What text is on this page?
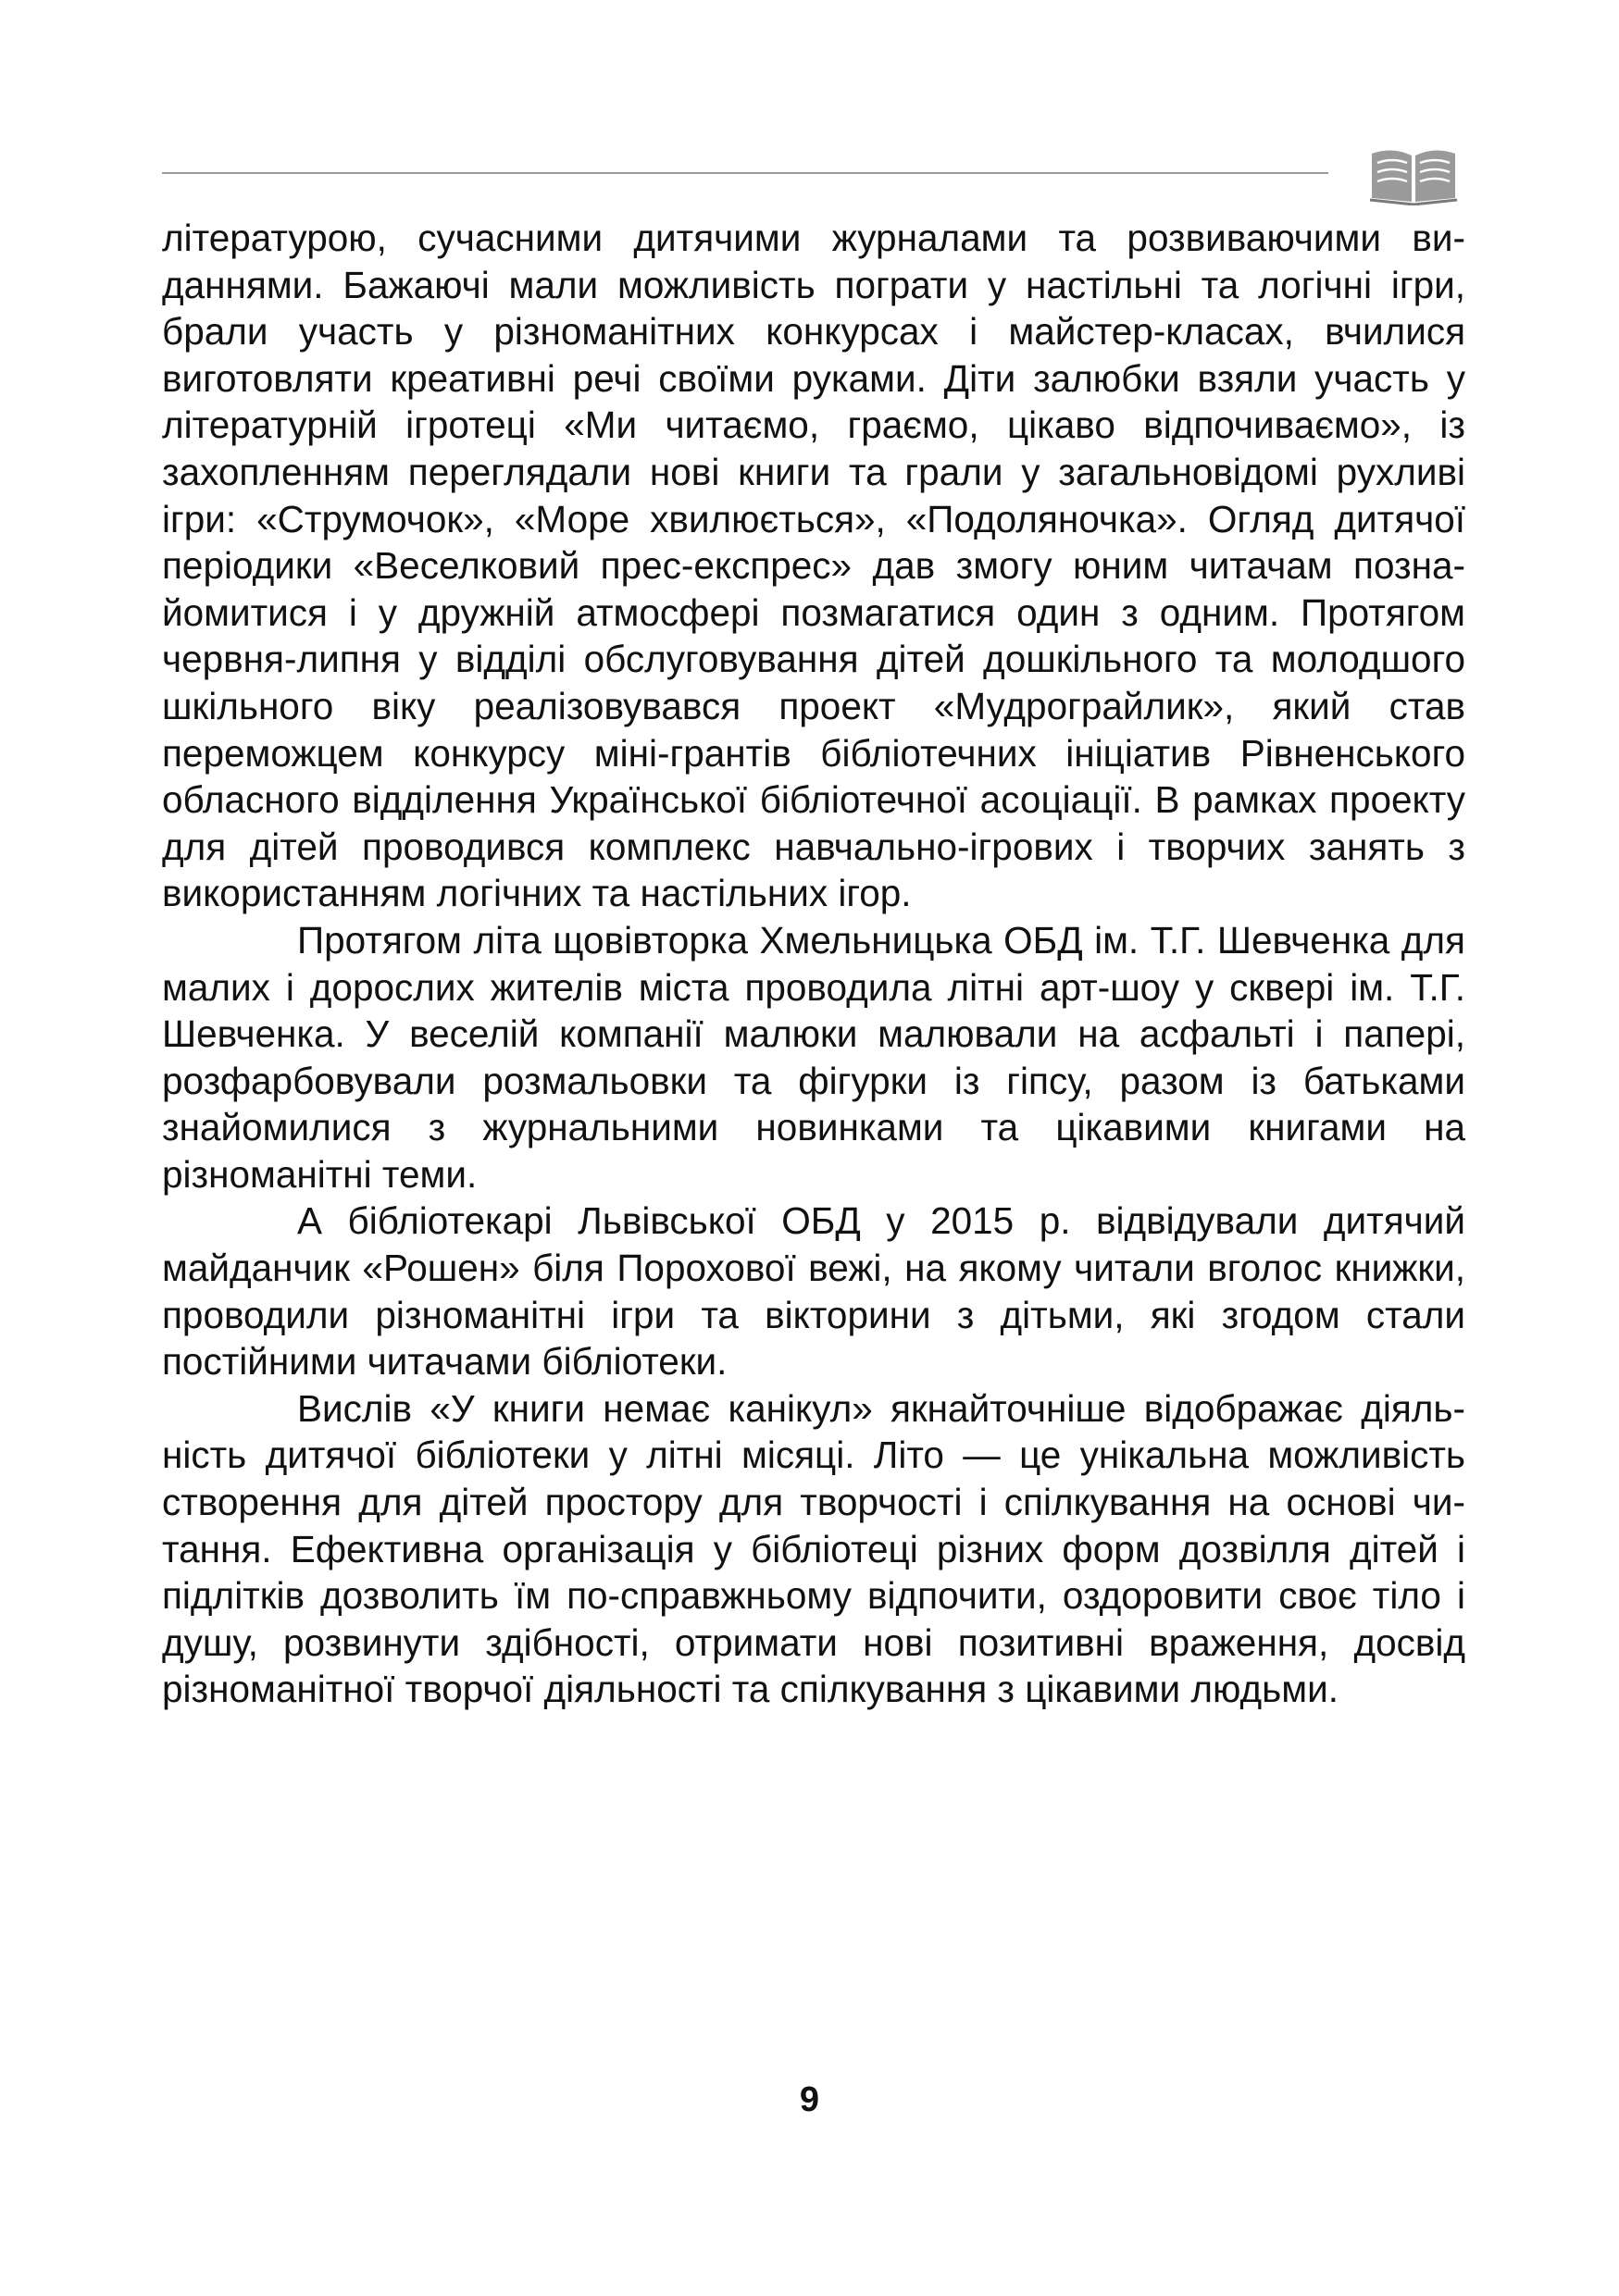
літературою, сучасними дитячими журналами та розвиваючими виданнями. Бажаючі мали можливість пограти у настільні та логічні ігри, брали участь у різноманітних конкурсах і майстер-класах, вчилися виготовляти креативні речі своїми руками. Діти залюбки взяли участь у літературній ігротеці «Ми читаємо, граємо, цікаво відпочиваємо», із захопленням переглядали нові книги та грали у загальновідомі рухливі ігри: «Струмочок», «Море хвилюється», «Подоляночка». Огляд дитячої періодики «Веселковий прес-експрес» дав змогу юним читачам познайомитися і у дружній атмосфері позмагатися один з одним. Протягом червня-липня у відділі обслуговування дітей дошкільного та молодшого шкільного віку реалізовувався проект «Мудрограйлик», який став переможцем конкурсу міні-грантів бібліотечних ініціатив Рівненського обласного відділення Української бібліотечної асоціації. В рамках проекту для дітей проводився комплекс навчально-ігрових і творчих занять з використанням логічних та настільних ігор.

Протягом літа щовівторка Хмельницька ОБД ім. Т.Г. Шевченка для малих і дорослих жителів міста проводила літні арт-шоу у сквері ім. Т.Г. Шевченка. У веселій компанії малюки малювали на асфальті і папері, розфарбовували розмальовки та фігурки із гіпсу, разом із батьками знайомилися з журнальними новинками та цікавими книгами на різноманітні теми.

А бібліотекарі Львівської ОБД у 2015 р. відвідували дитячий майданчик «Рошен» біля Порохової вежі, на якому читали вголос книжки, проводили різноманітні ігри та вікторини з дітьми, які згодом стали постійними читачами бібліотеки.

Вислів «У книги немає канікул» якнайточніше відображає діяльність дитячої бібліотеки у літні місяці. Літо — це унікальна можливість створення для дітей простору для творчості і спілкування на основі читання. Ефективна організація у бібліотеці різних форм дозвілля дітей і підлітків дозволить їм по-справжньому відпочити, оздоровити своє тіло і душу, розвинути здібності, отримати нові позитивні враження, досвід різноманітної творчої діяльності та спілкування з цікавими людьми.

9
